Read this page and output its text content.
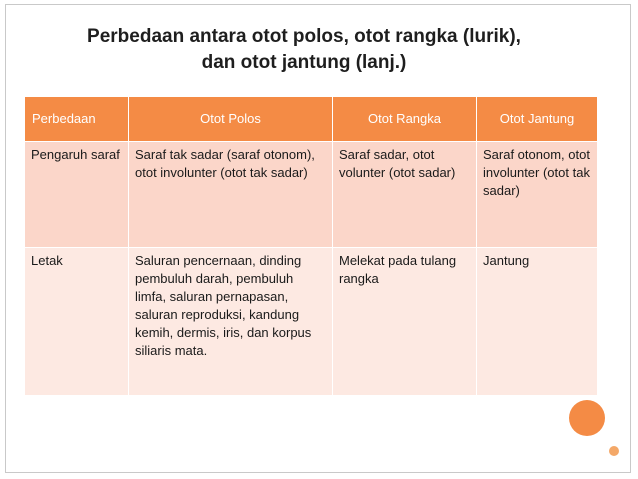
Perbedaan antara otot polos, otot rangka (lurik),
dan otot jantung (lanj.)
Perbedaan	Otot Polos	Otot Rangka	Otot Jantung
Pengaruh saraf	Saraf tak sadar (saraf otonom), otot involunter (otot tak sadar)	Saraf sadar, otot volunter (otot sadar)	Saraf otonom, otot involunter (otot tak sadar)
Letak	Saluran pencernaan, dinding pembuluh darah, pembuluh limfa, saluran pernapasan, saluran reproduksi, kandung kemih, dermis, iris, dan korpus siliaris mata.	Melekat pada tulang rangka	Jantung
